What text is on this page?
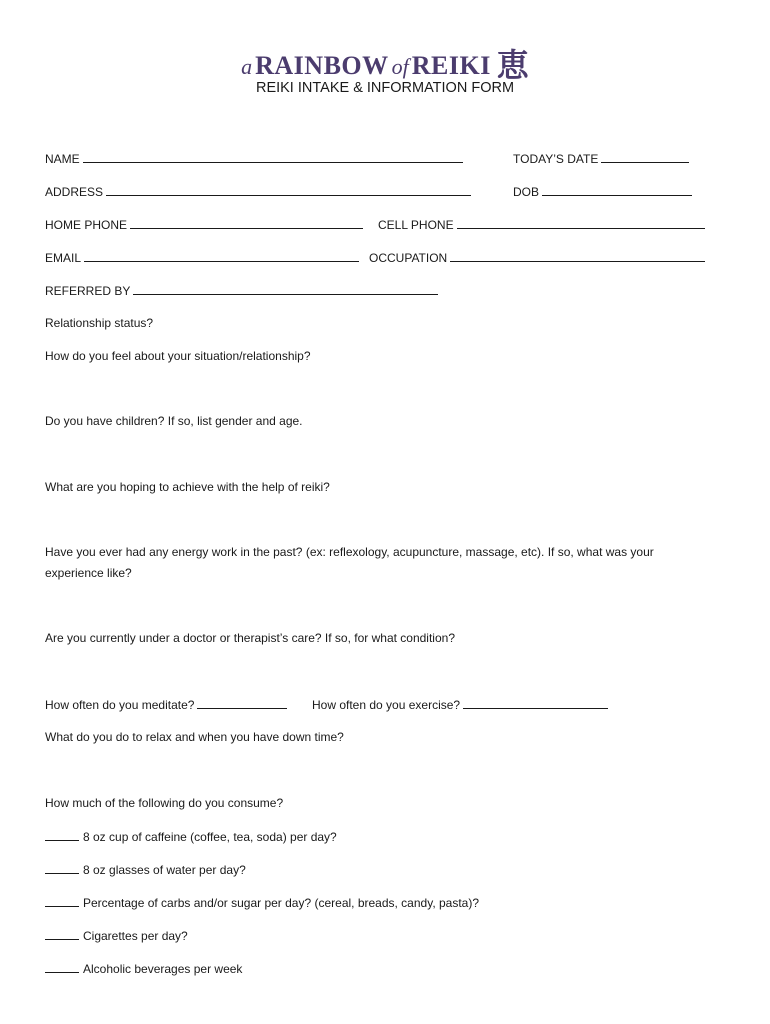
a RAINBOW of REIKI 恵
REIKI INTAKE & INFORMATION FORM
NAME	TODAY’S DATE
ADDRESS	DOB
HOME PHONE	CELL PHONE
EMAIL	OCCUPATION
REFERRED BY
Relationship status?
How do you feel about your situation/relationship?
Do you have children? If so, list gender and age.
What are you hoping to achieve with the help of reiki?
Have you ever had any energy work in the past? (ex: reflexology, acupuncture, massage, etc). If so, what was your experience like?
Are you currently under a doctor or therapist’s care? If so, for what condition?
How often do you meditate?	How often do you exercise?
What do you do to relax and when you have down time?
How much of the following do you consume?
8 oz cup of caffeine (coffee, tea, soda) per day?
8 oz glasses of water per day?
Percentage of carbs and/or sugar per day? (cereal, breads, candy, pasta)?
Cigarettes per day?
Alcoholic beverages per week
